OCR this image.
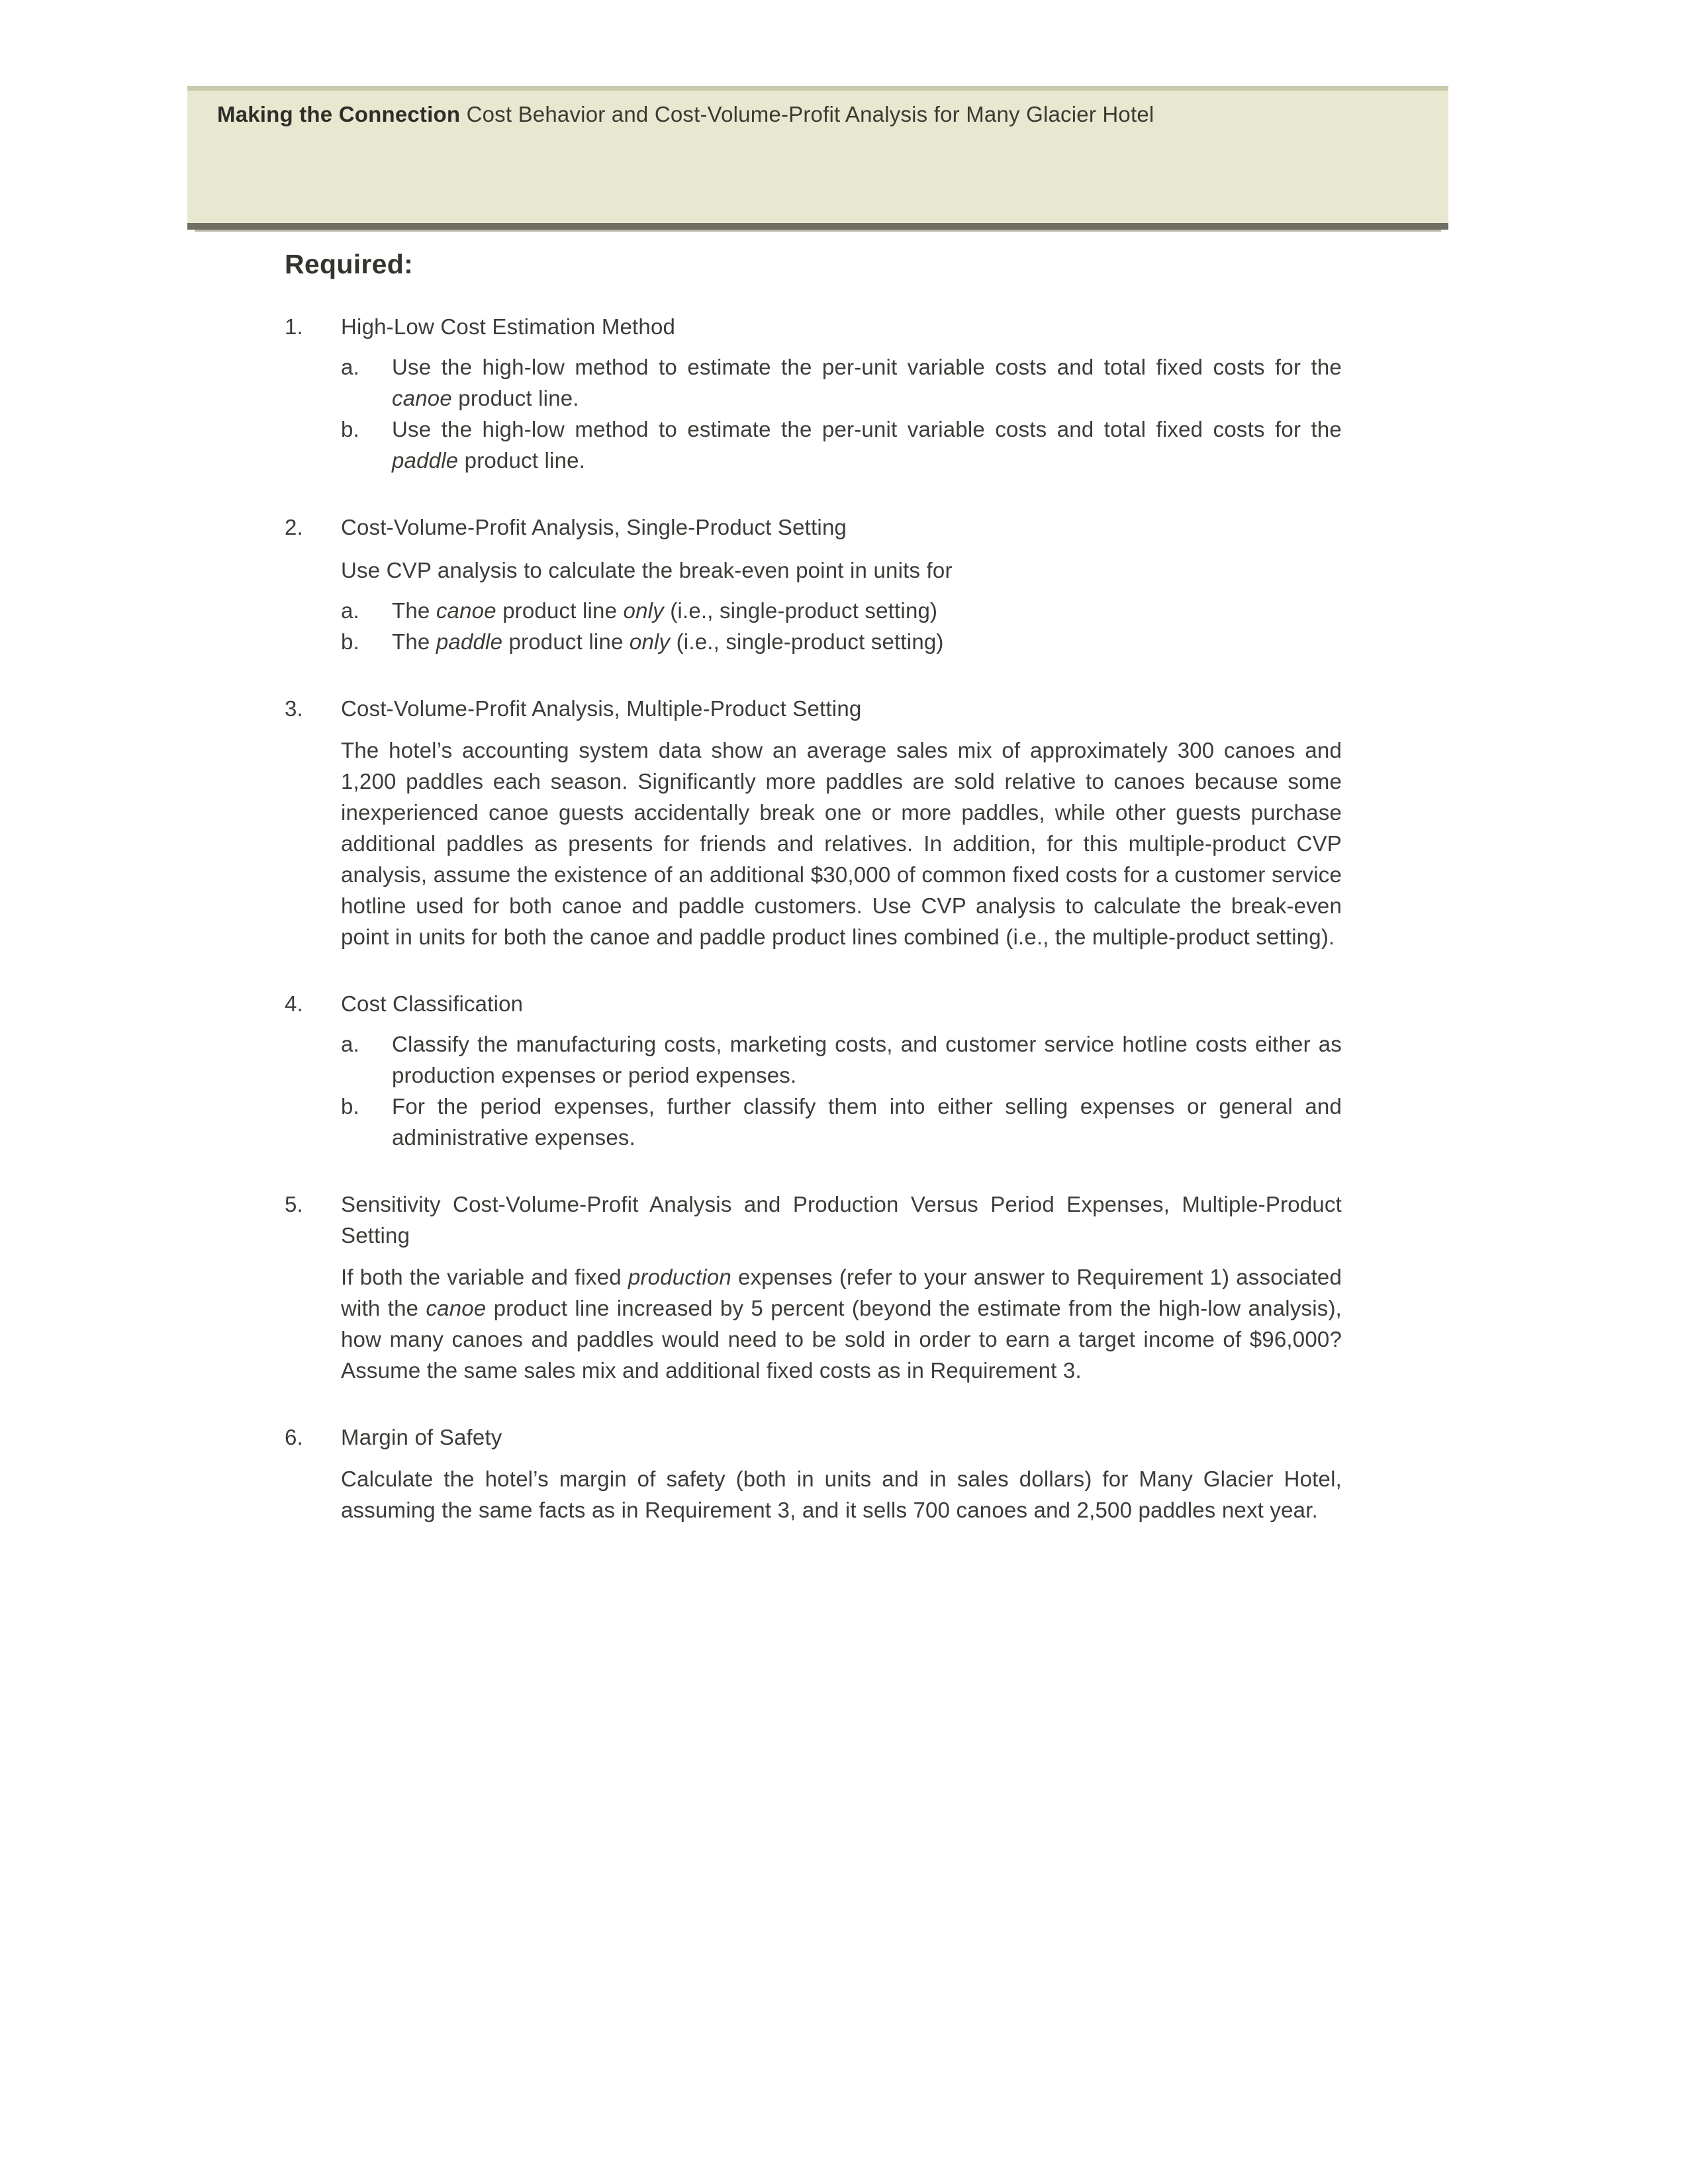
Making the Connection Cost Behavior and Cost-Volume-Profit Analysis for Many Glacier Hotel
Required:
1.	High-Low Cost Estimation Method
a.	Use the high-low method to estimate the per-unit variable costs and total fixed costs for the canoe product line.

b.	Use the high-low method to estimate the per-unit variable costs and total fixed costs for the paddle product line.

2.	Cost-Volume-Profit Analysis, Single-Product Setting

Use CVP analysis to calculate the break-even point in units for

a.	The canoe product line only (i.e., single-product setting)

b.	The paddle product line only (i.e., single-product setting)

3.	Cost-Volume-Profit Analysis, Multiple-Product Setting

The hotel’s accounting system data show an average sales mix of approximately 300 canoes and 1,200 paddles each season. Significantly more paddles are sold relative to canoes because some inexperienced canoe guests accidentally break one or more paddles, while other guests purchase additional paddles as presents for friends and relatives. In addition, for this multiple-product CVP analysis, assume the existence of an additional $30,000 of common fixed costs for a customer service hotline used for both canoe and paddle customers. Use CVP analysis to calculate the break-even point in units for both the canoe and paddle product lines combined (i.e., the multiple-product setting).

4.	Cost Classification
a.	Classify the manufacturing costs, marketing costs, and customer service hotline costs either as production expenses or period expenses.

b.	For the period expenses, further classify them into either selling expenses or general and administrative expenses.

5.	Sensitivity Cost-Volume-Profit Analysis and Production Versus Period Expenses, Multiple-Product Setting

If both the variable and fixed production expenses (refer to your answer to Requirement 1) associated with the canoe product line increased by 5 percent (beyond the estimate from the high-low analysis), how many canoes and paddles would need to be sold in order to earn a target income of $96,000? Assume the same sales mix and additional fixed costs as in Requirement 3.

6.	Margin of Safety

Calculate the hotel’s margin of safety (both in units and in sales dollars) for Many Glacier Hotel, assuming the same facts as in Requirement 3, and it sells 700 canoes and 2,500 paddles next year.
